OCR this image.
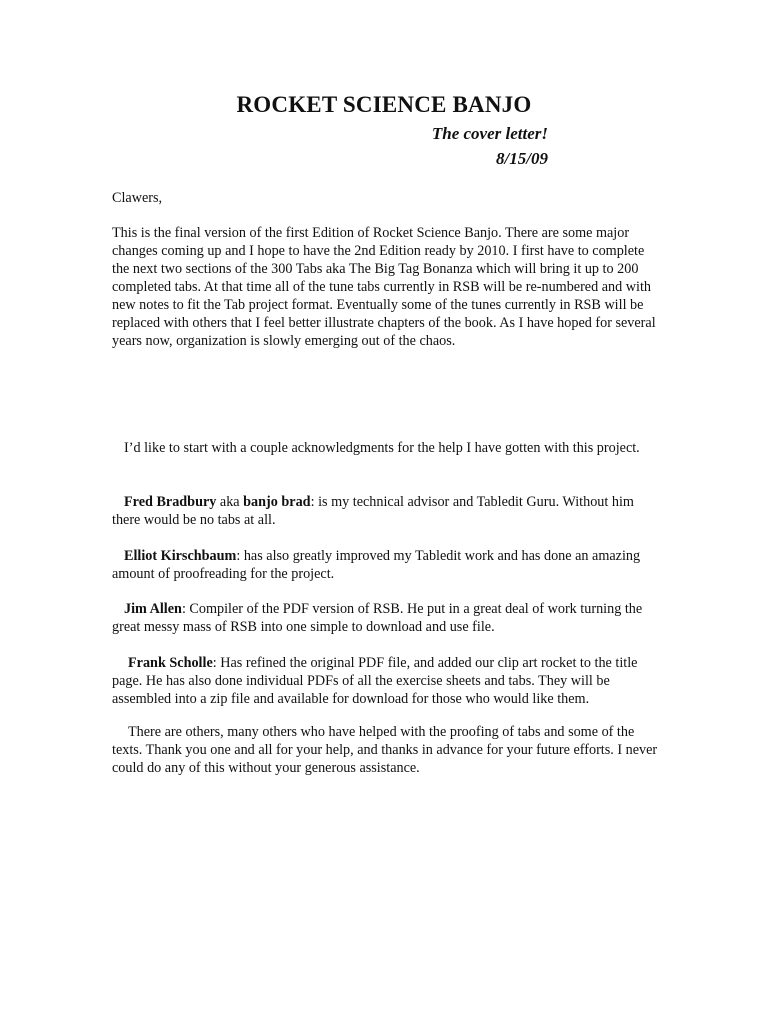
ROCKET SCIENCE BANJO
The cover letter!
8/15/09
Clawers,
This is the final version of the first Edition of Rocket Science Banjo. There are some major changes coming up and I hope to have the 2nd Edition ready by 2010. I first have to complete the next two sections of the 300 Tabs aka The Big Tag Bonanza which will bring it up to 200 completed tabs. At that time all of the tune tabs currently in RSB will be re-numbered and with new notes to fit the Tab project format. Eventually some of the tunes currently in RSB will be replaced with others that I feel better illustrate chapters of the book. As I have hoped for several years now, organization is slowly emerging out of the chaos.
I’d like to start with a couple acknowledgments for the help I have gotten with this project.
Fred Bradbury aka banjo brad: is my technical advisor and Tabledit Guru. Without him there would be no tabs at all.
Elliot Kirschbaum: has also greatly improved my Tabledit work and has done an amazing amount of proofreading for the project.
Jim Allen: Compiler of the PDF version of RSB. He put in a great deal of work turning the great messy mass of RSB into one simple to download and use file.
Frank Scholle: Has refined the original PDF file, and added our clip art rocket to the title page. He has also done individual PDFs of all the exercise sheets and tabs. They will be assembled into a zip file and available for download for those who would like them.
There are others, many others who have helped with the proofing of tabs and some of the texts. Thank you one and all for your help, and thanks in advance for your future efforts. I never could do any of this without your generous assistance.
